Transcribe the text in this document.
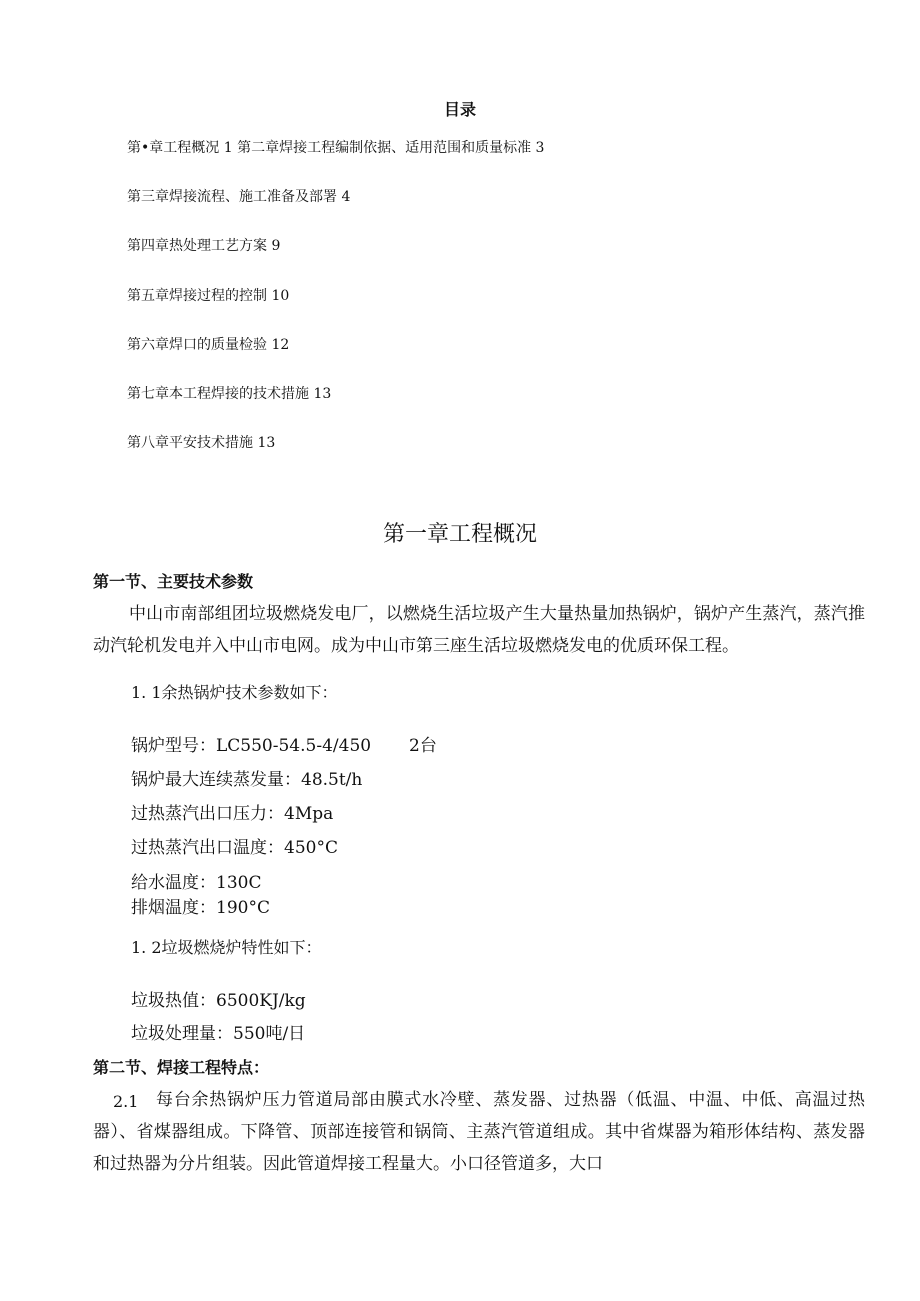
目录
第•章工程概况 1 第二章焊接工程编制依据、适用范围和质量标准 3
第三章焊接流程、施工准备及部署 4
第四章热处理工艺方案 9
第五章焊接过程的控制 10
第六章焊口的质量检验 12
第七章本工程焊接的技术措施 13
第八章平安技术措施 13
第一章工程概况
第一节、主要技术参数
中山市南部组团垃圾燃烧发电厂，以燃烧生活垃圾产生大量热量加热锅炉，锅炉产生蒸汽，蒸汽推动汽轮机发电并入中山市电网。成为中山市第三座生活垃圾燃烧发电的优质环保工程。
1. 1余热锅炉技术参数如下：
锅炉型号：LC550-54.5-4/450 2台
锅炉最大连续蒸发量：48.5t/h
过热蒸汽出口压力：4Mpa
过热蒸汽出口温度：450°C
给水温度：130C
排烟温度：190°C
1. 2垃圾燃烧炉特性如下：
垃圾热值：6500KJ/kg
垃圾处理量：550吨/日
第二节、焊接工程特点：
2.1	每台余热锅炉压力管道局部由膜式水冷壁、蒸发器、过热器（低温、中温、中低、高温过热器）、省煤器组成。下降管、顶部连接管和锅筒、主蒸汽管道组成。其中省煤器为箱形体结构、蒸发器和过热器为分片组装。因此管道焊接工程量大。小口径管道多，大口
